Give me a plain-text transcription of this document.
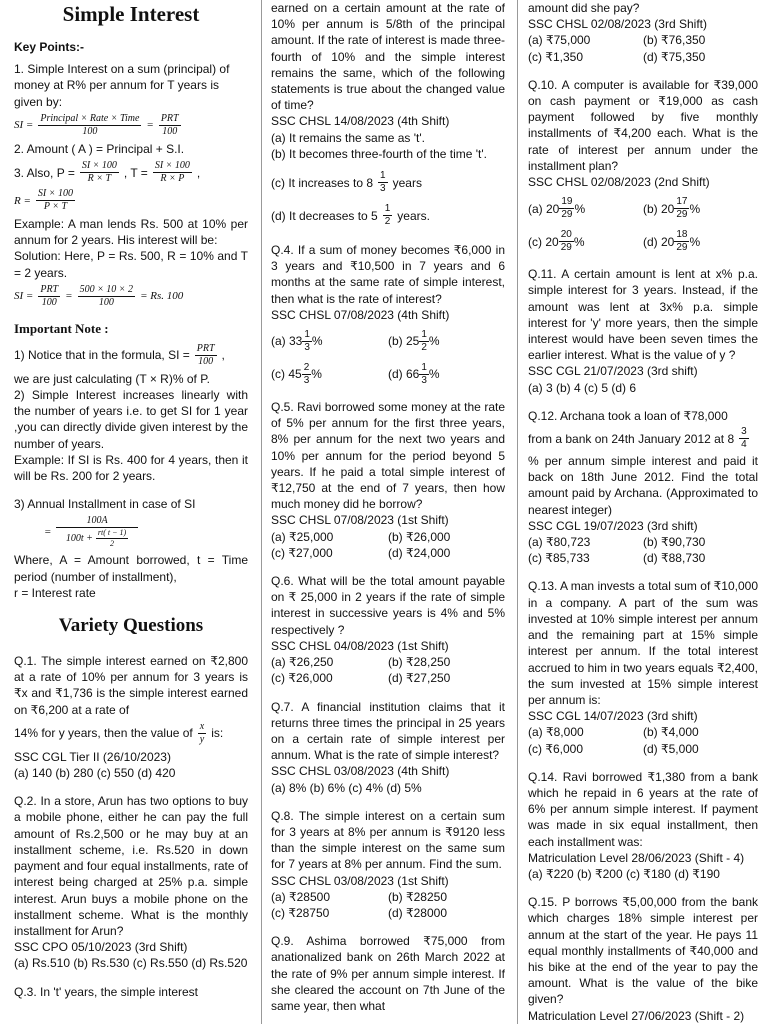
Simple Interest

Key Points:-

1. Simple Interest on a sum (principal) of money at R% per annum for T years is given by:

SI = $\frac{\text{Principal × Rate × Time}}{100} = \frac{\text{PRT}}{100}$

2. Amount ( A ) = Principal + S.I.

3. Also, $P = \frac{SI \times 100}{R \times T}$ , $T = \frac{SI \times 100}{R \times P}$ ,
$R = \frac{SI \times 100}{P \times T}$

Example: A man lends Rs. 500 at 10% per annum for 2 years. His interest will be:

Solution: Here, P = Rs. 500, R = 10% and T = 2 years.

SI = $\frac{\text{PRT}}{100} = \frac{500 \times 10 \times 2}{100} = Rs$. 100

Important Note :

1) Notice that in the formula, SI = $\frac{\text{PRT}}{100}$ ,

we are just calculating (T × R)% of P.

2) Simple Interest increases linearly with the number of years i.e. to get SI for 1 year ,you can directly divide given interest by the number of years.

Example: If SI is Rs. 400 for 4 years, then it will be Rs. 200 for 2 years.

3) Annual Installment in case of SI

= $\frac{100A}{100t + \frac{rt( t - 1)}{2}}$

Where, A = Amount borrowed, t = Time period (number of installment),

r = Interest rate

Variety Questions

Q.1. The simple interest earned on ₹2,800 at a rate of 10% per annum for 3 years is ₹x and ₹1,736 is the simple interest earned on ₹6,200 at a rate of

14% for y years, then the value of $\frac{x}{y}$ is:

SSC CGL Tier II (26/10/2023)

(a) 140 (b) 280 (c) 550 (d) 420

Q.2. In a store, Arun has two options to buy a mobile phone, either he can pay the full amount of Rs.2,500 or he may buy at an installment scheme, i.e. Rs.520 in down payment and four equal installments, rate of interest being charged at 25% p.a. simple interest. Arun buys a mobile phone on the installment scheme. What is the monthly installment for Arun?

SSC CPO 05/10/2023 (3rd Shift)

(a) Rs.510 (b) Rs.530 (c) Rs.550 (d) Rs.520

Q.3. In 't' years, the simple interest

earned on a certain amount at the rate of 10% per annum is 5/8th of the principal amount. If the rate of interest is made three-fourth of 10% and the simple interest remains the same, which of the following statements is true about the changed value of time?

SSC CHSL 14/08/2023 (4th Shift)

(a) It remains the same as 't'.

(b) It becomes three-fourth of the time 't'.

(c) It increases to $8 \frac{1}{3}$ years
(d) It decreases to $5 \frac{1}{2}$ years.

Q.4. If a sum of money becomes ₹6,000 in 3 years and ₹10,500 in 7 years and 6 months at the same rate of simple interest, then what is the rate of interest?

SSC CHSL 07/08/2023 (4th Shift)

(a) $33 \frac{1}{3}$ %	(b) $25 \frac{1}{2}$ %
(c) $45 \frac{2}{3}$ %	(d) $66 \frac{1}{3}$ %

Q.5. Ravi borrowed some money at the rate of 5% per annum for the first three years, 8% per annum for the next two years and 10% per annum for the period beyond 5 years. If he paid a total simple interest of ₹12,750 at the end of 7 years, then how much money did he borrow?

SSC CHSL 07/08/2023 (1st Shift)

(a) ₹25,000	(b) ₹26,000
(c) ₹27,000	(d) ₹24,000

Q.6. What will be the total amount payable on ₹ 25,000 in 2 years if the rate of simple interest in successive years is 4% and 5% respectively ?

SSC CHSL 04/08/2023 (1st Shift)

(a) ₹26,250	(b) ₹28,250
(c) ₹26,000	(d) ₹27,250

Q.7. A financial institution claims that it returns three times the principal in 25 years on a certain rate of simple interest per annum. What is the rate of simple interest?

SSC CHSL 03/08/2023 (4th Shift)

(a) 8% (b) 6% (c) 4% (d) 5%

Q.8. The simple interest on a certain sum for 3 years at 8% per annum is ₹9120 less than the simple interest on the same sum for 7 years at 8% per annum. Find the sum.

SSC CHSL 03/08/2023 (1st Shift)

(a) ₹28500	(b) ₹28250
(c) ₹28750	(d) ₹28000

Q.9. Ashima borrowed ₹75,000 from anationalized bank on 26th March 2022 at the rate of 9% per annum simple interest. If she cleared the account on 7th June of the same year, then what

amount did she pay?

SSC CHSL 02/08/2023 (3rd Shift)

(a) ₹75,000	(b) ₹76,350
(c) ₹1,350	(d) ₹75,350

Q.10. A computer is available for ₹39,000 on cash payment or ₹19,000 as cash payment followed by five monthly installments of ₹4,200 each. What is the rate of interest per annum under the installment plan?

SSC CHSL 02/08/2023 (2nd Shift)

(a) $20 \frac{19}{29}$ %	(b) $20 \frac{17}{29}$ %
(c) $20 \frac{20}{29}$ %	(d) $20 \frac{18}{29}$ %

Q.11. A certain amount is lent at x% p.a. simple interest for 3 years. Instead, if the amount was lent at 3x% p.a. simple interest for 'y' more years, then the simple interest would have been seven times the earlier interest. What is the value of y ?

SSC CGL 21/07/2023 (3rd shift)

(a) 3 (b) 4 (c) 5 (d) 6

Q.12. Archana took a loan of ₹78,000

from a bank on 24th January 2012 at $8 \frac{3}{4}$

% per annum simple interest and paid it back on 18th June 2012. Find the total amount paid by Archana. (Approximated to nearest integer)

SSC CGL 19/07/2023 (3rd shift)

(a) ₹80,723	(b) ₹90,730
(c) ₹85,733	(d) ₹88,730

Q.13. A man invests a total sum of ₹10,000 in a company. A part of the sum was invested at 10% simple interest per annum and the remaining part at 15% simple interest per annum. If the total interest accrued to him in two years equals ₹2,400, the sum invested at 15% simple interest per annum is:

SSC CGL 14/07/2023 (3rd shift)

(a) ₹8,000	(b) ₹4,000
(c) ₹6,000	(d) ₹5,000

Q.14. Ravi borrowed ₹1,380 from a bank which he repaid in 6 years at the rate of 6% per annum simple interest. If payment was made in six equal installment, then each installment was:

Matriculation Level 28/06/2023 (Shift - 4)

(a) ₹220 (b) ₹200 (c) ₹180 (d) ₹190

Q.15. P borrows ₹5,00,000 from the bank which charges 18% simple interest per annum at the start of the year. He pays 11 equal monthly installments of ₹40,000 and his bike at the end of the year to pay the amount. What is the value of the bike given?

Matriculation Level 27/06/2023 (Shift - 2)
